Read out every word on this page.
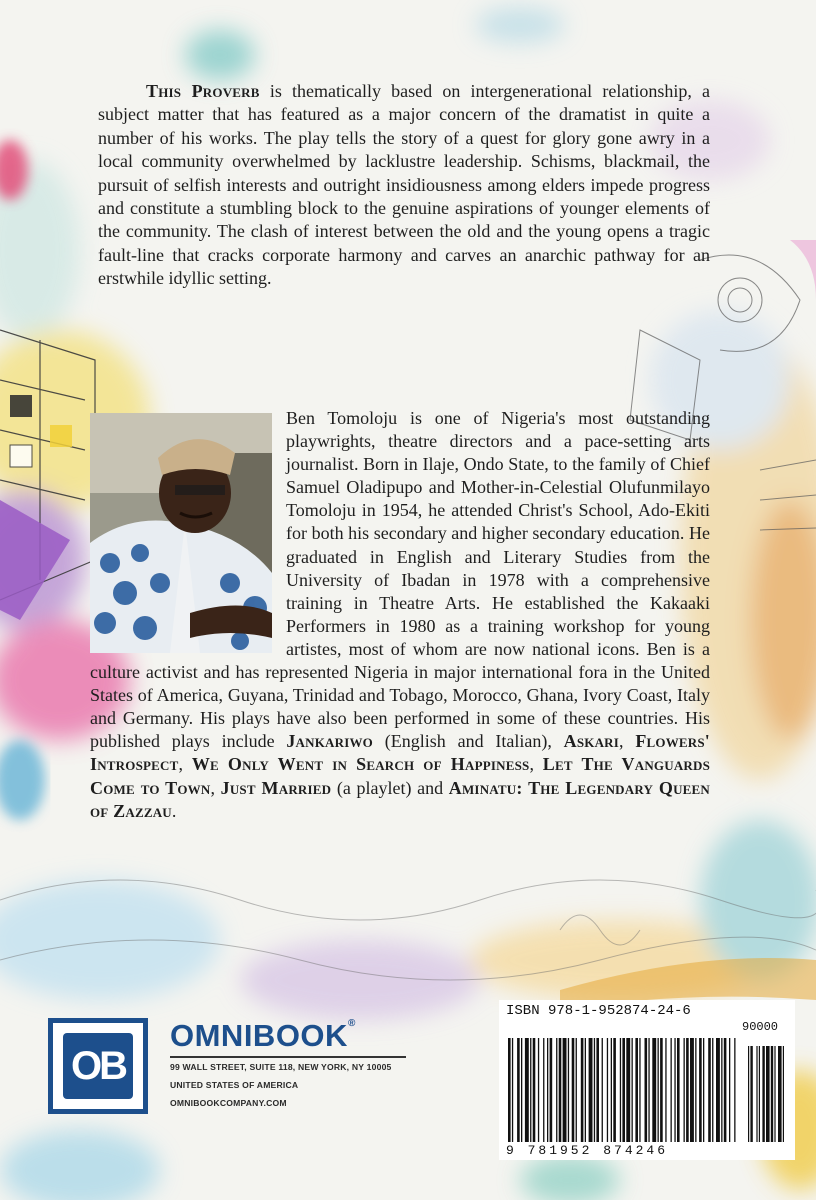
This Proverb is thematically based on intergenerational relationship, a subject matter that has featured as a major concern of the dramatist in quite a number of his works. The play tells the story of a quest for glory gone awry in a local community overwhelmed by lacklustre leadership. Schisms, blackmail, the pursuit of selfish interests and outright insidiousness among elders impede progress and constitute a stumbling block to the genuine aspirations of younger elements of the community. The clash of interest between the old and the young opens a tragic fault-line that cracks corporate harmony and carves an anarchic pathway for an erstwhile idyllic setting.

Ben Tomoloju is one of Nigeria's most outstanding playwrights, theatre directors and a pace-setting arts journalist. Born in Ilaje, Ondo State, to the family of Chief Samuel Oladipupo and Mother-in-Celestial Olufunmilayo Tomoloju in 1954, he attended Christ's School, Ado-Ekiti for both his secondary and higher secondary education. He graduated in English and Literary Studies from the University of Ibadan in 1978 with a comprehensive training in Theatre Arts. He established the Kakaaki Performers in 1980 as a training workshop for young artistes, most of whom are now national icons. Ben is a culture activist and has represented Nigeria in major international fora in the United States of America, Guyana, Trinidad and Tobago, Morocco, Ghana, Ivory Coast, Italy and Germany. His plays have also been performed in some of these countries. His published plays include Jankariwo (English and Italian), Askari, Flowers' Introspect, We Only Went in Search of Happiness, Let The Vanguards Come to Town, Just Married (a playlet) and Aminatu: The Legendary Queen of Zazzau.
OB
OMNIBOOK®
99 WALL STREET, SUITE 118, NEW YORK, NY 10005
UNITED STATES OF AMERICA
OMNIBOOKCOMPANY.COM
ISBN 978-1-952874-24-6
90000
9 781952 874246
